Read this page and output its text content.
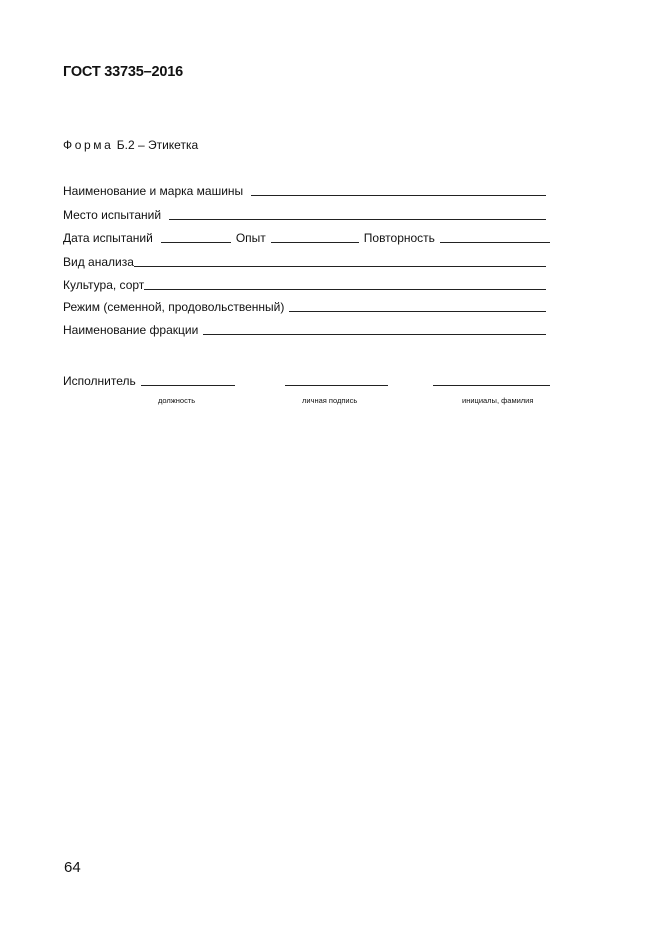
ГОСТ 33735–2016
Форма Б.2 – Этикетка
Наименование и марка машины
Место испытаний
Дата испытаний	Опыт	Повторность
Вид анализа
Культура, сорт
Режим (семенной, продовольственный)
Наименование фракции
Исполнитель
должность	личная подпись	инициалы, фамилия
64
